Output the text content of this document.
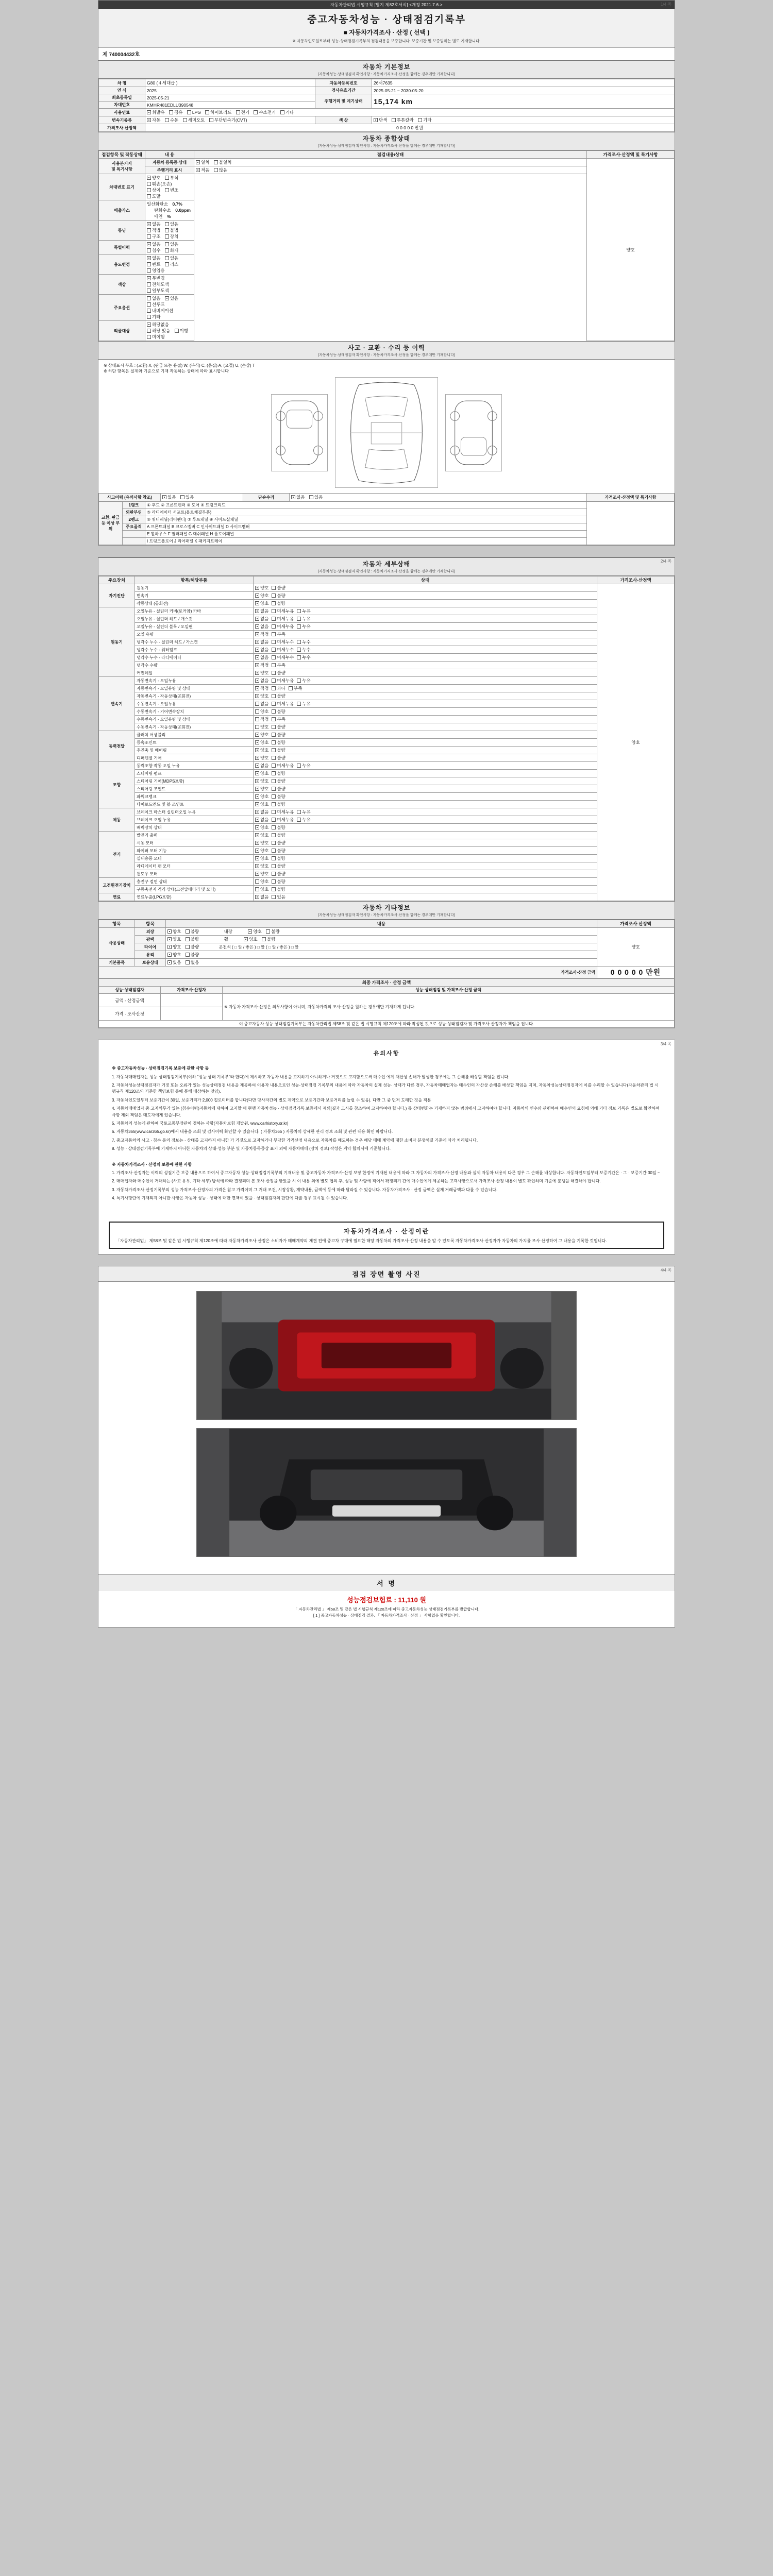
1/4 쪽
자동차관리법 시행규칙 [별지 제82호서식] <개정 2021.7.6.>
중고자동차성능 · 상태점검기록부
■ 자동차가격조사 · 산정 ( 선택 )
※ 자동차인도일로부터 성능·상태점검기록부의 점검내용을 보증합니다. 보증기간 및 보증범위는 별도 기재합니다.
제 740004432호
자동차 기본정보
(자동차성능·상태점검자 확인사항 : 자동차가격조사·산정을 함께는 경우에만 기재합니다)
차 명	G80 (４세대급 )	자동차등록번호	26서7635
연 식	2025	검사유효기간	2025-05-21 ~ 2030-05-20
최초등록일	2025-05-21	주행거리 및 계기상태	15,174 km
차대번호	KMHR481EDLU390548		
사용연료	휘발유 경유 LPG 하이브리드 전기 수소전기 기타		
변속기종류	자동 수동 세미오토 무단변속기(CVT)	색 상	단색 투톤칼라 기타
가격조사·산정액	0 0 0 0 0 만원		
자동차 종합상태
(자동차성능·상태점검자 확인사항 : 자동차가격조사·산정을 함께는 경우에만 기재합니다)
점검항목 및 작동상태	내 용	점검내용/상태	가격조사·산정액 및 특기사항
사용본거지
및 특기사항	자동차 등록증 상태	일치 불일치	양호

	주행거리 표시	적음 많음	
차대번호 표기	양호 부식 훼손(오손) 상이 변조 도말		
배출가스	일산화탄소 0.7% 탄화수소 0.0ppm 매연 %		
튜닝	없음 있음 적법 불법 구조 장치		
특별이력	없음 있음 침수 화재		
용도변경	없음 있음 렌트 리스 영업용		
색상	무변경 전체도색 일부도색		
주요옵션	없음 있음 선루프 내비게이션 기타		
리콜대상	해당없음 해당 있음 이행 미이행		
사고 · 교환 · 수리 등 이력
(자동차성능·상태점검자 확인사항 : 자동차가격조사·산정을 함께는 경우에만 기재합니다)
※ 상태표시 부호 : (교환) X, (판금 또는 용접) W, (부식) C, (흠집) A, (요철) U, (손상) T
※ 하단 항목은 실제와 기준으로 기재 작동하는 상태에 따라 표시합니다
사고이력 (유의사항 참조)	없음 있음	단순수리	없음 있음	가격조사·산정액 및 특기사항
교환, 판금 등 이상 부위	1랭크	① 후드 ② 프론트펜더 ③ 도어 ④ 트렁크리드	
	외판부위	⑤ 라디에이터 서포트(볼트체결부품)	
	2랭크	⑥ 쿼터패널(리어펜더) ⑦ 루프패널 ⑧ 사이드실패널	
	주요골격	A 프론트패널 B 크로스멤버 C 인사이드패널 D 사이드멤버	
		E 휠하우스 F 필러패널 G 대쉬패널 H 플로어패널	
		I 트렁크플로어 J 리어패널 K 패키지트레이	
2/4 쪽
자동차 세부상태
(자동차성능·상태점검자 확인사항 : 자동차가격조사·산정을 함께는 경우에만 기재합니다)
주요장치	항목/해당부품	상태	가격조사·산정액
자기진단	원동기	양호 불량	양호
	변속기	양호 불량	
	작동상태 (공회전)	양호 불량	
원동기	오일누유 - 실린더 커버(로커암) 카바	없음 미세누유 누유	
	오일누유 - 실린더 헤드 / 개스킷	없음 미세누유 누유	
	오일누유 - 실린더 블록 / 오일팬	없음 미세누유 누유	
	오일 유량	적정 부족	
	냉각수 누수 - 실린더 헤드 / 가스켓	없음 미세누수 누수	
	냉각수 누수 - 워터펌프	없음 미세누수 누수	
	냉각수 누수 - 라디에이터	없음 미세누수 누수	
	냉각수 수량	적정 부족	
	커먼레일	양호 불량	
변속기	자동변속기 - 오일누유	없음 미세누유 누유	
	자동변속기 - 오일유량 및 상태	적정 과다 부족	
	자동변속기 - 작동상태(공회전)	양호 불량	
	수동변속기 - 오일누유	없음 미세누유 누유	
	수동변속기 - 기어변속장치	양호 불량	
	수동변속기 - 오일유량 및 상태	적정 부족	
	수동변속기 - 작동상태(공회전)	양호 불량	
동력전달	클러치 어셈블리	양호 불량	
	등속조인트	양호 불량	
	추진축 및 베어링	양호 불량	
	디퍼렌셜 기어	양호 불량	
조향	동력조향 작동 오일 누유	없음 미세누유 누유	
	스티어링 펌프	양호 불량	
	스티어링 기어(MDPS포함)	양호 불량	
	스티어링 조인트	양호 불량	
	파워크랭크	양호 불량	
	타이로드엔드 및 볼 조인트	양호 불량	
제동	브레이크 마스터 실린더오일 누유	없음 미세누유 누유	
	브레이크 오일 누유	없음 미세누유 누유	
	배력장치 상태	양호 불량	
전기	발전기 출력	양호 불량	
	시동 모터	양호 불량	
	와이퍼 모터 기능	양호 불량	
	실내송풍 모터	양호 불량	
	라디에이터 팬 모터	양호 불량	
	윈도우 모터	양호 불량	
고전원전기장치	충전구 절연 상태	양호 불량	
	구동축전지 격리 상태(고전압배터리 및 모터)	양호 불량	
연료	연료누출(LPG포함)	없음 있음	
자동차 기타정보
(자동차성능·상태점검자 확인사항 : 자동차가격조사·산정을 함께는 경우에만 기재합니다)
항목	항목	내용	가격조사·산정액
사용상태	외장	양호 불량 내장 양호 불량	양호

	광택	양호 불량 휠 양호 불량	
	타이어	양호 불량 운전석 ( □ 앞 / 좋은 ) □ 앞 ( □ 앞 / 좋은 ) □ 앞	
	유리	양호 불량	
기본품목	보유상태	있음 없음	
가격조사·산정 금액			0 0 0 0 0 만원
최종 가격조사 · 산정 금액		
성능·상태점검자	가격조사·산정자	성능·상태점검 및 가격조사·산정 금액
금액 - 산정금액		※ 자동차 가격조사·산정은 의무사항이 아니며, 자동차가격의 조사·산정을 원하는 경우에만 기재하게 됩니다.
가격 · 조사산정		
이 중고자동차 성능·상태점검기록부는 자동차관리법 제58조 및 같은 법 시행규칙 제120조에 따라 작성된 것으로 성능·상태점검자 및 가격조사·산정자가 책임을 집니다.		
3/4 쪽
유의사항
※ 중고자동차성능 · 상태점검기록 보증에 관한 사항 등

1. 자동차매매업자는 성능·상태점검기록부(이하 "성능 상태 기록부"라 한다)에 제시하고 자동차 내용을 고지하기 아니하거나 거짓으로 고지함으로써 매수인 에게 재산상 손해가 발생한 경우에는 그 손해를 배상할 책임을 집니다.

2. 자동차성능상태점검자가 거짓 또는 오류가 있는 성능상태점검 내용을 제공하여 이용자 내용으로인 성능·상태점검 기록부의 내용에 따라 자동차의 실제 성능· 상태가 다른 경우, 자동차매매업자는 매수인의 자산상 손해를 배상할 책임을 지며, 자동차성능상태점검자에 이를 수리할 수 있습니다(자동차관리 법 시행규칙 제120조의 기준한 책임보험 등에 통해 배상하는 것임).

3. 자동차인도일부터 보증기간이 30일, 보증거리가 2,000 킬로미터를 합니다(다만 당사자간의 별도 계약으로 보증기간과 보증거리를 늘릴 수 있음). 다만 그 중 먼저 도래한 것을 적용

4. 자동차매매업자 중 고지의무가 있는 (침수이력)자동차에 대하여 고지할 때 현행 자동차성능 · 상태점검기록 보증에서 제외(결과 고시를 참조하여 고지하여야 합니다.) 등 상태변화는 기재하지 않는 범위에서 고지하여야 합니다. 자동차의 인수와 관련하여 매수인의 요청에 의해 기타 정보 기록은 별도로 확인하며 사항 제외 책임은 매도자에게 있습니다.

5. 자동차의 성능에 관하여 국토교통부장관이 정하는 사항(자동차보험 개발원, www.carhistory.or.kr)

6. 자동차365(www.car365.go.kr)에서 내용을 조회 및 검사이력 확인할 수 있습니다. ( 자동차365 ) 자동차의 상세한 관리 정보 조회 및 관련 내용 확인 바랍니다.

7. 중고자동차의 사고 · 침수 등의 정보는 · 상태를 고지하지 아니한 가 거짓으로 고지하거나 부당한 가격산정 내용으로 자동차를 매도하는 경우 해당 매매 계약에 대한 소비자 분쟁해결 기준에 따라 처리됩니다.

8. 성능 · 상태점검기록부에 기재하지 아니한 자동차의 상태·성능 부분 및 자동차등록증상 표기 외에 자동차매매 (장치 정보) 작성은 계약 합의서에 기준합니다.

※ 자동차가격조사 · 산정의 보증에 관한 사항

1. 가격조사·산정자는 이력의 성질기준 보증 내용으로 하여서 중고자동차 성능·상태점검기록부의 기재내용 및 중고자동차 가격조사·산정 보장 한정에 기재된 내용에 따라 그 자동차의 가격조사·산정 내용과 실제 자동차 내용이 다른 경우 그 손해를 배상합니다. 자동차인도일부터 보증기간은 · 그 · 보증기간 30일 ~

2. 매매업자와 매수인이 거래하는 (사고 유무, 기타 세부) 방식에 따라 결정되며 본 조사·산정을 받았을 시 이 내용 외에 별도 협의 후, 성능 및 사항에 적어서 확정되기 간에 매수인에게 제공하는 고객사항으로서 가격조사·산정 내용이 별도 확인하며 기준에 분쟁을 해결해야 합니다.

3. 자동차가격조사·산정기록부의 성능 가격조사·산정자의 가격은 참고 가격이며 그 거래 조건, 시장상황, 계약내용, 금액에 등에 따라 달라질 수 있습니다. 자동차가격조사 · 산정 금액은 실제 거래금액과 다를 수 있습니다.

4. 특기사항란에 기재되지 아니한 사항은 자동차 성능 · 상태에 대한 면책이 있을 · 상태점검자의 판단에 다를 경우 표시될 수 있습니다.

자동차가격조사 · 산정이란
「자동차관리법」 제58조 및 같은 법 시행규칙 제120조에 따라 자동차가격조사·산정은 소비자가 매매계약의 체결 전에 중고차 구매에 필요한 해당 자동차의 가격조사·산정 내용을 알 수 있도록 자동차가격조사·산정자가 자동차의 가치를 조사·산정하여 그 내용을 기록한 것입니다.
4/4 쪽
점검 장면 촬영 사진
서 명
성능점검보험료 : 11,110 원
「 자동차관리법 」 제58조 및 같은 법 시행규칙 제120조에 따라 중고자동차성능·상태점검기록부를 발급합니다.
[ 1 ] 중고자동차성능 · 상태점검 결과, 「 자동차가격조사 · 산정 」 사항없음 확인합니다.
